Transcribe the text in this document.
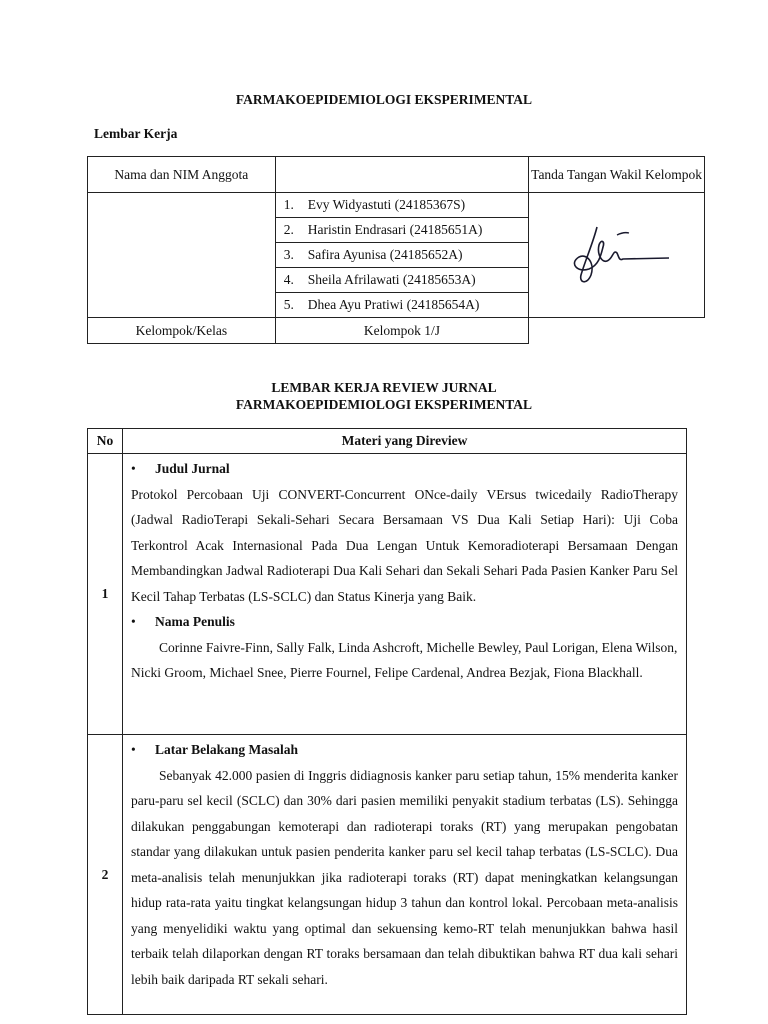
FARMAKOEPIDEMIOLOGI EKSPERIMENTAL
Lembar Kerja
Nama dan NIM Anggota		Tanda Tangan Wakil Kelompok
	1. Evy Widyastuti (24185367S)	
	2. Haristin Endrasari (24185651A)	
	3. Safira Ayunisa (24185652A)	
	4. Sheila Afrilawati (24185653A)	
	5. Dhea Ayu Pratiwi (24185654A)	
Kelompok/Kelas	Kelompok 1/J	
LEMBAR KERJA REVIEW JURNAL
FARMAKOEPIDEMIOLOGI EKSPERIMENTAL
No	Materi yang Direview
1	• Judul Jurnal

Protokol Percobaan Uji CONVERT-Concurrent ONce-daily VErsus twicedaily RadioTherapy (Jadwal RadioTerapi Sekali-Sehari Secara Bersamaan VS Dua Kali Setiap Hari): Uji Coba Terkontrol Acak Internasional Pada Dua Lengan Untuk Kemoradioterapi Bersamaan Dengan Membandingkan Jadwal Radioterapi Dua Kali Sehari dan Sekali Sehari Pada Pasien Kanker Paru Sel Kecil Tahap Terbatas (LS-SCLC) dan Status Kinerja yang Baik.

• Nama Penulis

Corinne Faivre-Finn, Sally Falk, Linda Ashcroft, Michelle Bewley, Paul Lorigan, Elena Wilson, Nicki Groom, Michael Snee, Pierre Fournel, Felipe Cardenal, Andrea Bezjak, Fiona Blackhall.

2	• Latar Belakang Masalah

Sebanyak 42.000 pasien di Inggris didiagnosis kanker paru setiap tahun, 15% menderita kanker paru-paru sel kecil (SCLC) dan 30% dari pasien memiliki penyakit stadium terbatas (LS). Sehingga dilakukan penggabungan kemoterapi dan radioterapi toraks (RT) yang merupakan pengobatan standar yang dilakukan untuk pasien penderita kanker paru sel kecil tahap terbatas (LS-SCLC). Dua meta-analisis telah menunjukkan jika radioterapi toraks (RT) dapat meningkatkan kelangsungan hidup rata-rata yaitu tingkat kelangsungan hidup 3 tahun dan kontrol lokal. Percobaan meta-analisis yang menyelidiki waktu yang optimal dan sekuensing kemo-RT telah menunjukkan bahwa hasil terbaik telah dilaporkan dengan RT toraks bersamaan dan telah dibuktikan bahwa RT dua kali sehari lebih baik daripada RT sekali sehari.
